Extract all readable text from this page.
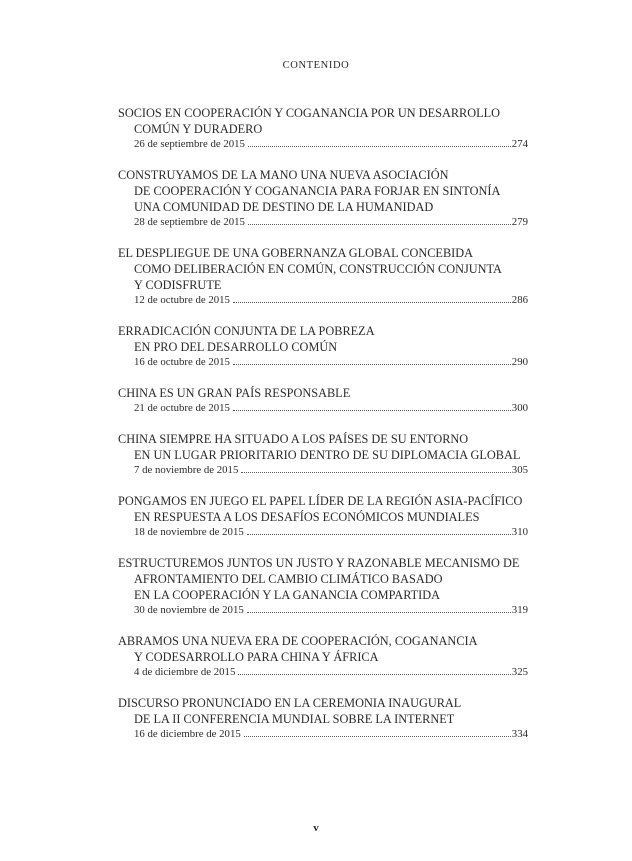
CONTENIDO
SOCIOS EN COOPERACIÓN Y COGANANCIA POR UN DESARROLLO
COMÚN Y DURADERO
26 de septiembre de 2015	274
CONSTRUYAMOS DE LA MANO UNA NUEVA ASOCIACIÓN
DE COOPERACIÓN Y COGANANCIA PARA FORJAR EN SINTONÍA
UNA COMUNIDAD DE DESTINO DE LA HUMANIDAD
28 de septiembre de 2015	279
EL DESPLIEGUE DE UNA GOBERNANZA GLOBAL CONCEBIDA
COMO DELIBERACIÓN EN COMÚN, CONSTRUCCIÓN CONJUNTA
Y CODISFRUTE
12 de octubre de 2015	286
ERRADICACIÓN CONJUNTA DE LA POBREZA
EN PRO DEL DESARROLLO COMÚN
16 de octubre de 2015	290
CHINA ES UN GRAN PAÍS RESPONSABLE
21 de octubre de 2015	300
CHINA SIEMPRE HA SITUADO A LOS PAÍSES DE SU ENTORNO
EN UN LUGAR PRIORITARIO DENTRO DE SU DIPLOMACIA GLOBAL
7 de noviembre de 2015	305
PONGAMOS EN JUEGO EL PAPEL LÍDER DE LA REGIÓN ASIA-PACÍFICO
EN RESPUESTA A LOS DESAFÍOS ECONÓMICOS MUNDIALES
18 de noviembre de 2015	310
ESTRUCTUREMOS JUNTOS UN JUSTO Y RAZONABLE MECANISMO DE
AFRONTAMIENTO DEL CAMBIO CLIMÁTICO BASADO
EN LA COOPERACIÓN Y LA GANANCIA COMPARTIDA
30 de noviembre de 2015	319
ABRAMOS UNA NUEVA ERA DE COOPERACIÓN, COGANANCIA
Y CODESARROLLO PARA CHINA Y ÁFRICA
4 de diciembre de 2015	325
DISCURSO PRONUNCIADO EN LA CEREMONIA INAUGURAL
DE LA II CONFERENCIA MUNDIAL SOBRE LA INTERNET
16 de diciembre de 2015	334
v
